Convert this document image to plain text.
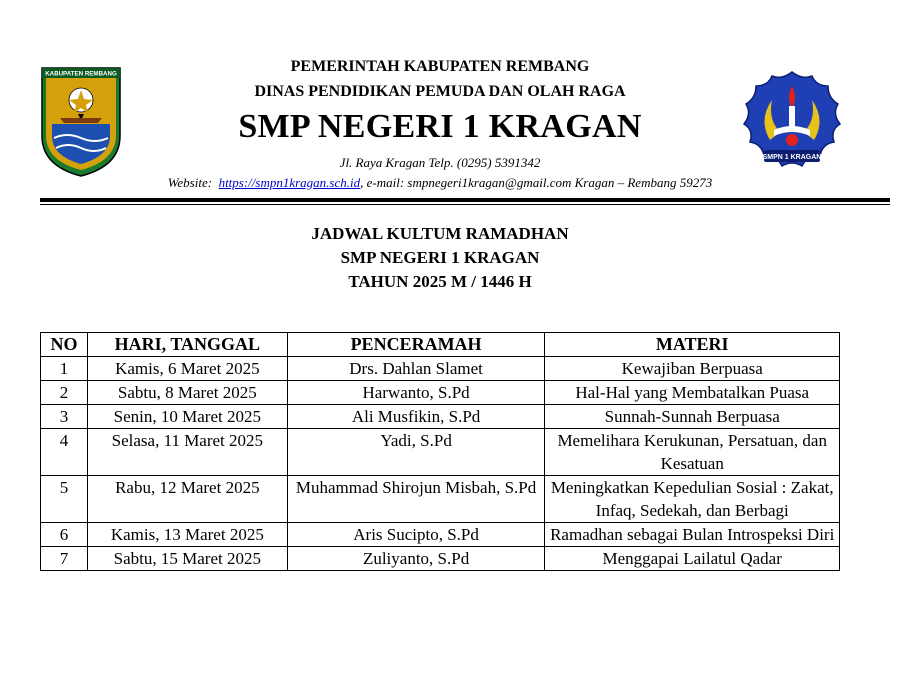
KABUPATEN REMBANG
SMPN 1 KRAGAN
PEMERINTAH KABUPATEN REMBANG
DINAS PENDIDIKAN PEMUDA DAN OLAH RAGA
SMP NEGERI 1 KRAGAN
Jl. Raya Kragan Telp. (0295) 5391342
Website: https://smpn1kragan.sch.id, e-mail: smpnegeri1kragan@gmail.com Kragan – Rembang 59273
JADWAL KULTUM RAMADHAN
SMP NEGERI 1 KRAGAN
TAHUN 2025 M / 1446 H
NO	HARI, TANGGAL	PENCERAMAH	MATERI
1	Kamis, 6 Maret 2025	Drs. Dahlan Slamet	Kewajiban Berpuasa
2	Sabtu, 8 Maret 2025	Harwanto, S.Pd	Hal-Hal yang Membatalkan Puasa
3	Senin, 10 Maret 2025	Ali Musfikin, S.Pd	Sunnah-Sunnah Berpuasa
4	Selasa, 11 Maret 2025	Yadi, S.Pd	Memelihara Kerukunan, Persatuan, dan Kesatuan
5	Rabu, 12 Maret 2025	Muhammad Shirojun Misbah, S.Pd	Meningkatkan Kepedulian Sosial : Zakat, Infaq, Sedekah, dan Berbagi
6	Kamis, 13 Maret 2025	Aris Sucipto, S.Pd	Ramadhan sebagai Bulan Introspeksi Diri
7	Sabtu, 15 Maret 2025	Zuliyanto, S.Pd	Menggapai Lailatul Qadar
